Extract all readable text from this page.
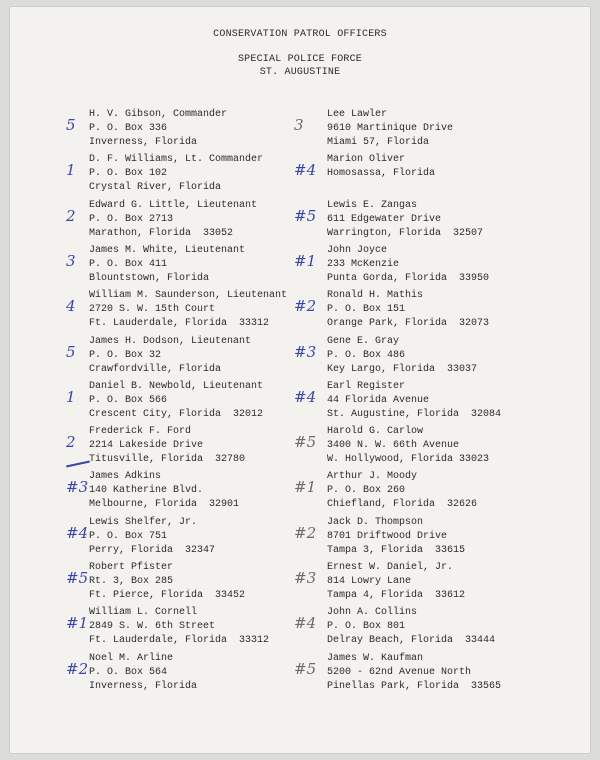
CONSERVATION PATROL OFFICERS
SPECIAL POLICE FORCE
ST. AUGUSTINE
H. V. Gibson, Commander
P. O. Box 336
Inverness, Florida
5
D. F. Williams, Lt. Commander
P. O. Box 102
Crystal River, Florida
1
Edward G. Little, Lieutenant
P. O. Box 2713
Marathon, Florida  33052
2
James M. White, Lieutenant
P. O. Box 411
Blountstown, Florida
3
William M. Saunderson, Lieutenant
2720 S. W. 15th Court
Ft. Lauderdale, Florida  33312
4
James H. Dodson, Lieutenant
P. O. Box 32
Crawfordville, Florida
5
Daniel B. Newbold, Lieutenant
P. O. Box 566
Crescent City, Florida  32012
1
Frederick F. Ford
2214 Lakeside Drive
Titusville, Florida  32780
2
James Adkins
140 Katherine Blvd.
Melbourne, Florida  32901
#3
Lewis Shelfer, Jr.
P. O. Box 751
Perry, Florida  32347
#4
Robert Pfister
Rt. 3, Box 285
Ft. Pierce, Florida  33452
#5
William L. Cornell
2849 S. W. 6th Street
Ft. Lauderdale, Florida  33312
#1
Noel M. Arline
P. O. Box 564
Inverness, Florida
#2
Lee Lawler
9610 Martinique Drive
Miami 57, Florida
3
Marion Oliver
Homosassa, Florida
#4
Lewis E. Zangas
611 Edgewater Drive
Warrington, Florida  32507
#5
John Joyce
233 McKenzie
Punta Gorda, Florida  33950
#1
Ronald H. Mathis
P. O. Box 151
Orange Park, Florida  32073
#2
Gene E. Gray
P. O. Box 486
Key Largo, Florida  33037
#3
Earl Register
44 Florida Avenue
St. Augustine, Florida  32084
#4
Harold G. Carlow
3400 N. W. 66th Avenue
W. Hollywood, Florida 33023
#5
Arthur J. Moody
P. O. Box 260
Chiefland, Florida  32626
#1
Jack D. Thompson
8701 Driftwood Drive
Tampa 3, Florida  33615
#2
Ernest W. Daniel, Jr.
814 Lowry Lane
Tampa 4, Florida  33612
#3
John A. Collins
P. O. Box 801
Delray Beach, Florida  33444
#4
James W. Kaufman
5200 - 62nd Avenue North
Pinellas Park, Florida  33565
#5
